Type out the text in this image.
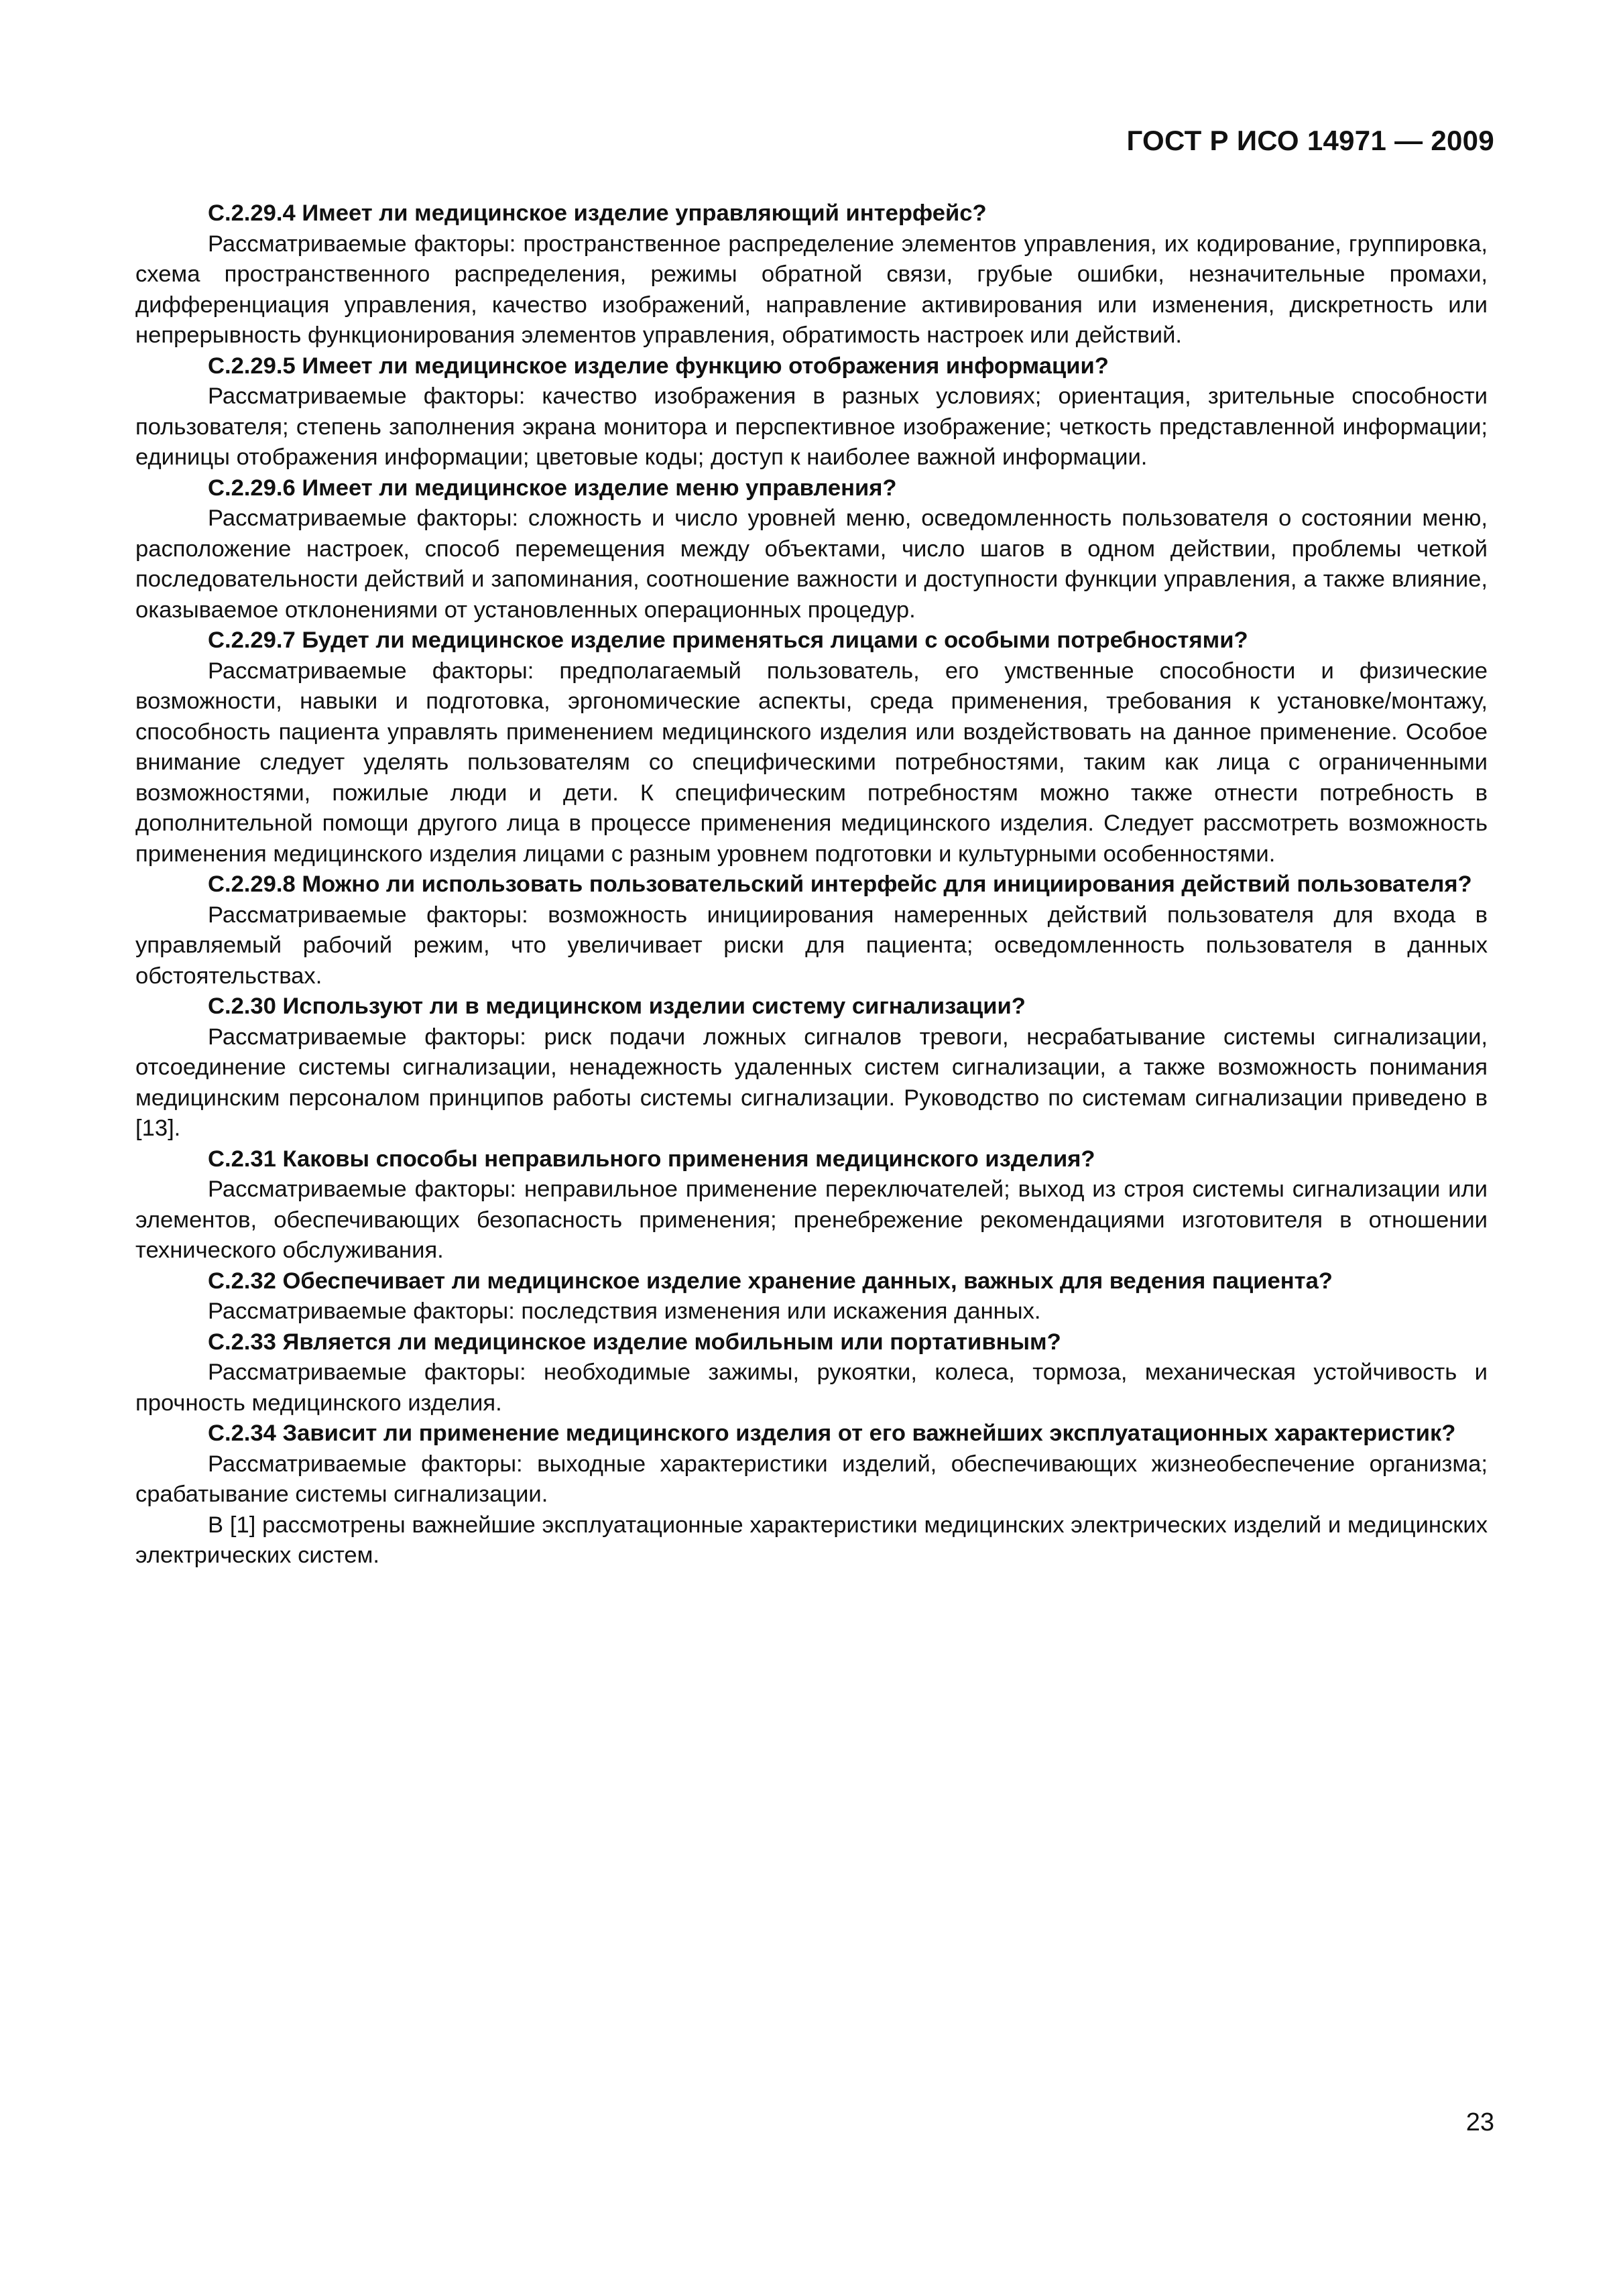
ГОСТ Р ИСО 14971 — 2009

С.2.29.4 Имеет ли медицинское изделие управляющий интерфейс?

Рассматриваемые факторы: пространственное распределение элементов управления, их кодирование, группировка, схема пространственного распределения, режимы обратной связи, грубые ошибки, незначительные промахи, дифференциация управления, качество изображений, направление активирования или изменения, дискретность или непрерывность функционирования элементов управления, обратимость настроек или действий.

С.2.29.5 Имеет ли медицинское изделие функцию отображения информации?

Рассматриваемые факторы: качество изображения в разных условиях; ориентация, зрительные способности пользователя; степень заполнения экрана монитора и перспективное изображение; четкость представленной информации; единицы отображения информации; цветовые коды; доступ к наиболее важной информации.

С.2.29.6 Имеет ли медицинское изделие меню управления?

Рассматриваемые факторы: сложность и число уровней меню, осведомленность пользователя о состоянии меню, расположение настроек, способ перемещения между объектами, число шагов в одном действии, проблемы четкой последовательности действий и запоминания, соотношение важности и доступности функции управления, а также влияние, оказываемое отклонениями от установленных операционных процедур.

С.2.29.7 Будет ли медицинское изделие применяться лицами с особыми потребностями?

Рассматриваемые факторы: предполагаемый пользователь, его умственные способности и физические возможности, навыки и подготовка, эргономические аспекты, среда применения, требования к установке/монтажу, способность пациента управлять применением медицинского изделия или воздействовать на данное применение. Особое внимание следует уделять пользователям со специфическими потребностями, таким как лица с ограниченными возможностями, пожилые люди и дети. К специфическим потребностям можно также отнести потребность в дополнительной помощи другого лица в процессе применения медицинского изделия. Следует рассмотреть возможность применения медицинского изделия лицами с разным уровнем подготовки и культурными особенностями.

С.2.29.8 Можно ли использовать пользовательский интерфейс для инициирования действий пользователя?

Рассматриваемые факторы: возможность инициирования намеренных действий пользователя для входа в управляемый рабочий режим, что увеличивает риски для пациента; осведомленность пользователя в данных обстоятельствах.

С.2.30 Используют ли в медицинском изделии систему сигнализации?

Рассматриваемые факторы: риск подачи ложных сигналов тревоги, несрабатывание системы сигнализации, отсоединение системы сигнализации, ненадежность удаленных систем сигнализации, а также возможность понимания медицинским персоналом принципов работы системы сигнализации. Руководство по системам сигнализации приведено в [13].

С.2.31 Каковы способы неправильного применения медицинского изделия?

Рассматриваемые факторы: неправильное применение переключателей; выход из строя системы сигнализации или элементов, обеспечивающих безопасность применения; пренебрежение рекомендациями изготовителя в отношении технического обслуживания.

С.2.32 Обеспечивает ли медицинское изделие хранение данных, важных для ведения пациента?

Рассматриваемые факторы: последствия изменения или искажения данных.

С.2.33 Является ли медицинское изделие мобильным или портативным?

Рассматриваемые факторы: необходимые зажимы, рукоятки, колеса, тормоза, механическая устойчивость и прочность медицинского изделия.

С.2.34 Зависит ли применение медицинского изделия от его важнейших эксплуатационных характеристик?

Рассматриваемые факторы: выходные характеристики изделий, обеспечивающих жизнеобеспечение организма; срабатывание системы сигнализации.

В [1] рассмотрены важнейшие эксплуатационные характеристики медицинских электрических изделий и медицинских электрических систем.

23
